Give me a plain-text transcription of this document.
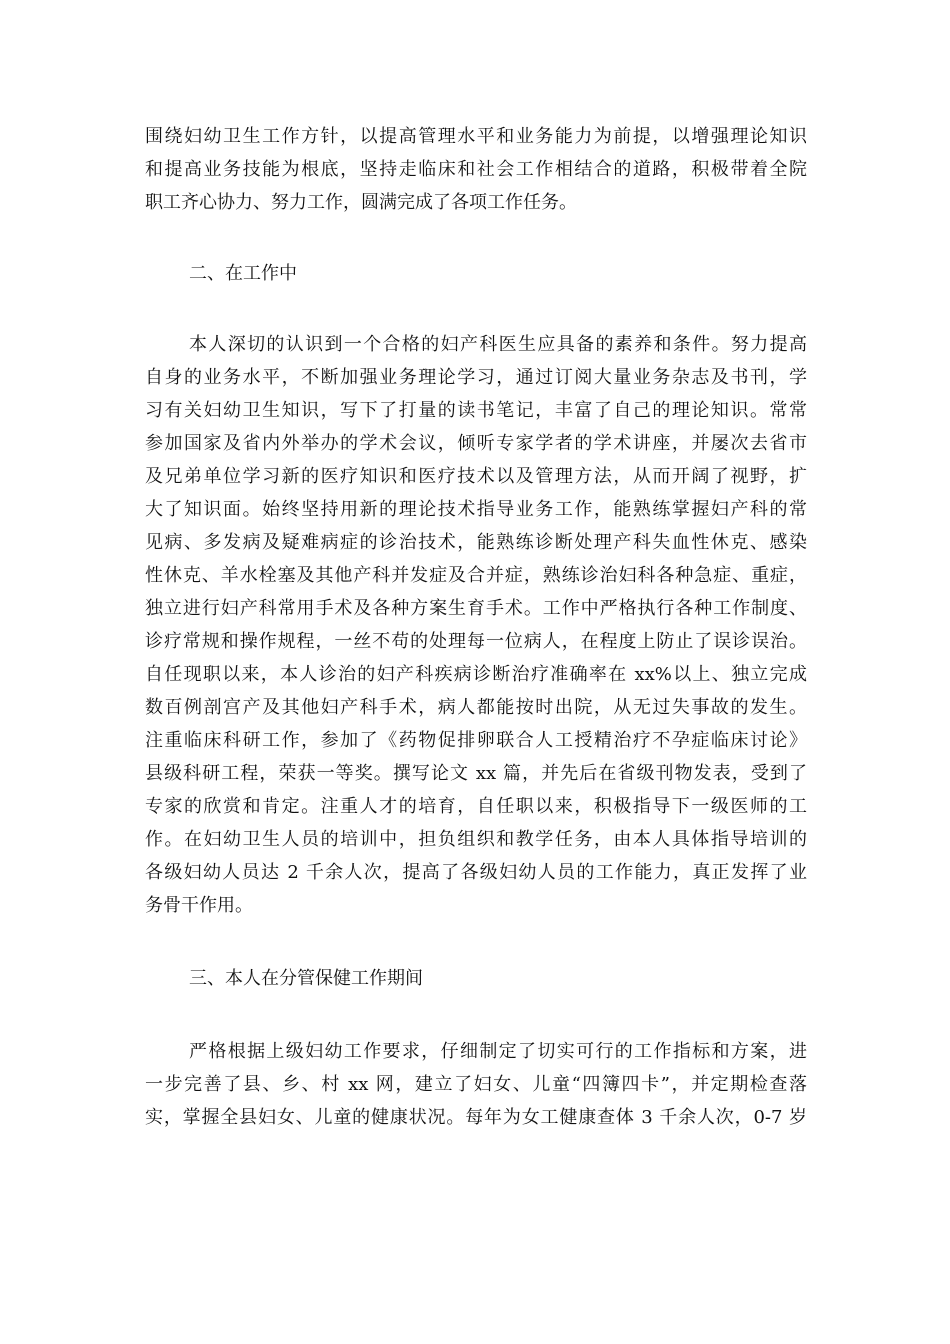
围绕妇幼卫生工作方针，以提高管理水平和业务能力为前提，以增强理论知识
和提高业务技能为根底，坚持走临床和社会工作相结合的道路，积极带着全院
职工齐心协力、努力工作，圆满完成了各项工作任务。
二、在工作中
本人深切的认识到一个合格的妇产科医生应具备的素养和条件。努力提高
自身的业务水平，不断加强业务理论学习，通过订阅大量业务杂志及书刊，学
习有关妇幼卫生知识，写下了打量的读书笔记，丰富了自己的理论知识。常常
参加国家及省内外举办的学术会议，倾听专家学者的学术讲座，并屡次去省市
及兄弟单位学习新的医疗知识和医疗技术以及管理方法，从而开阔了视野，扩
大了知识面。始终坚持用新的理论技术指导业务工作，能熟练掌握妇产科的常
见病、多发病及疑难病症的诊治技术，能熟练诊断处理产科失血性休克、感染
性休克、羊水栓塞及其他产科并发症及合并症，熟练诊治妇科各种急症、重症，
独立进行妇产科常用手术及各种方案生育手术。工作中严格执行各种工作制度、
诊疗常规和操作规程，一丝不苟的处理每一位病人，在程度上防止了误诊误治。
自任现职以来，本人诊治的妇产科疾病诊断治疗准确率在 xx%以上、独立完成
数百例剖宫产及其他妇产科手术，病人都能按时出院，从无过失事故的发生。
注重临床科研工作，参加了《药物促排卵联合人工授精治疗不孕症临床讨论》
县级科研工程，荣获一等奖。撰写论文 xx 篇，并先后在省级刊物发表，受到了
专家的欣赏和肯定。注重人才的培育，自任职以来，积极指导下一级医师的工
作。在妇幼卫生人员的培训中，担负组织和教学任务，由本人具体指导培训的
各级妇幼人员达 2 千余人次，提高了各级妇幼人员的工作能力，真正发挥了业
务骨干作用。
三、本人在分管保健工作期间
严格根据上级妇幼工作要求，仔细制定了切实可行的工作指标和方案，进
一步完善了县、乡、村 xx 网，建立了妇女、儿童“四簿四卡”，并定期检查落
实，掌握全县妇女、儿童的健康状况。每年为女工健康查体 3 千余人次，0-7 岁
